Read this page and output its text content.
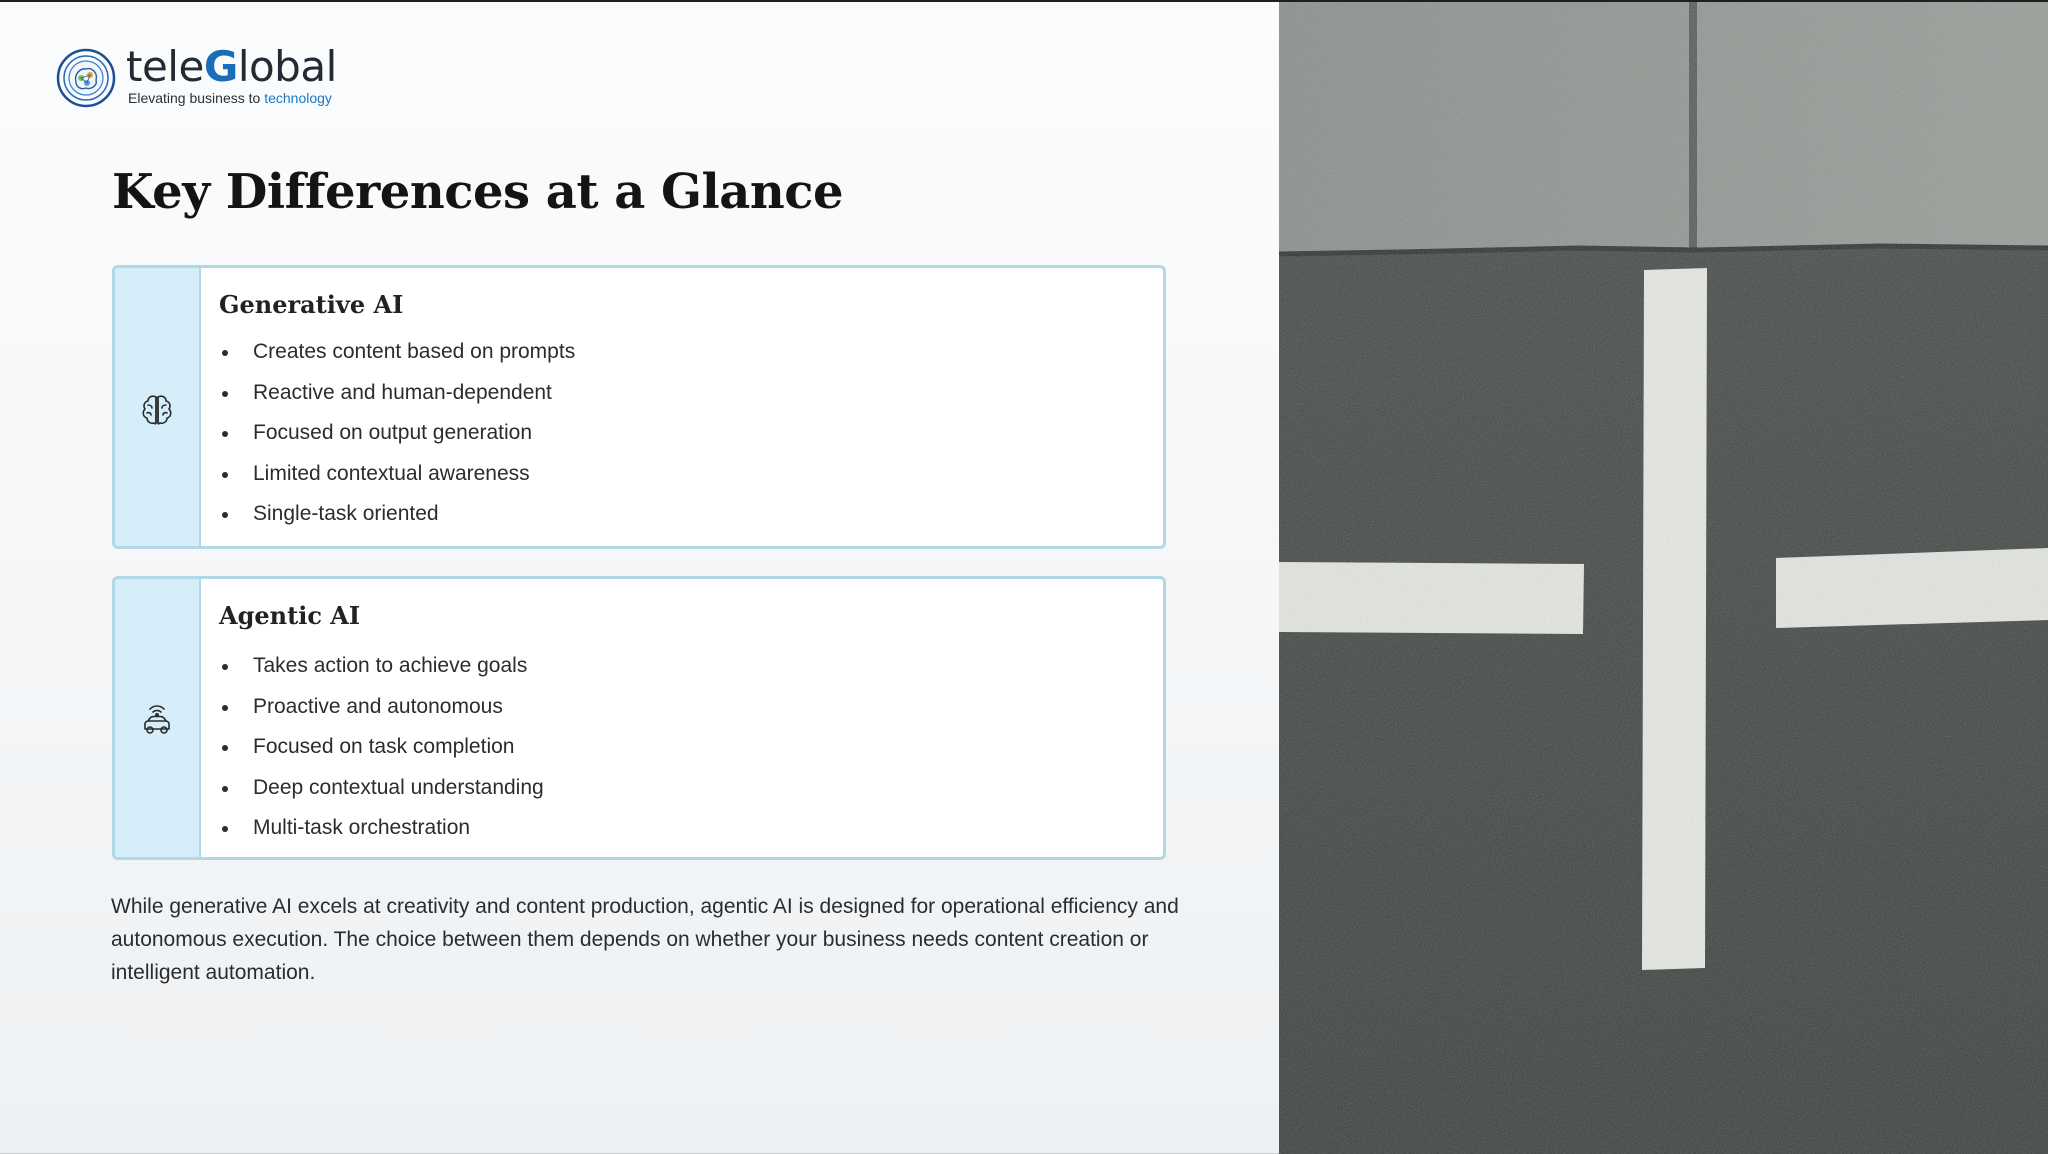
teleGlobal
Elevating business to technology
Key Differences at a Glance
Generative AI
Creates content based on prompts
Reactive and human-dependent
Focused on output generation
Limited contextual awareness
Single-task oriented
Agentic AI
Takes action to achieve goals
Proactive and autonomous
Focused on task completion
Deep contextual understanding
Multi-task orchestration

While generative AI excels at creativity and content production, agentic AI is designed for operational efficiency and autonomous execution. The choice between them depends on whether your business needs content creation or intelligent automation.
